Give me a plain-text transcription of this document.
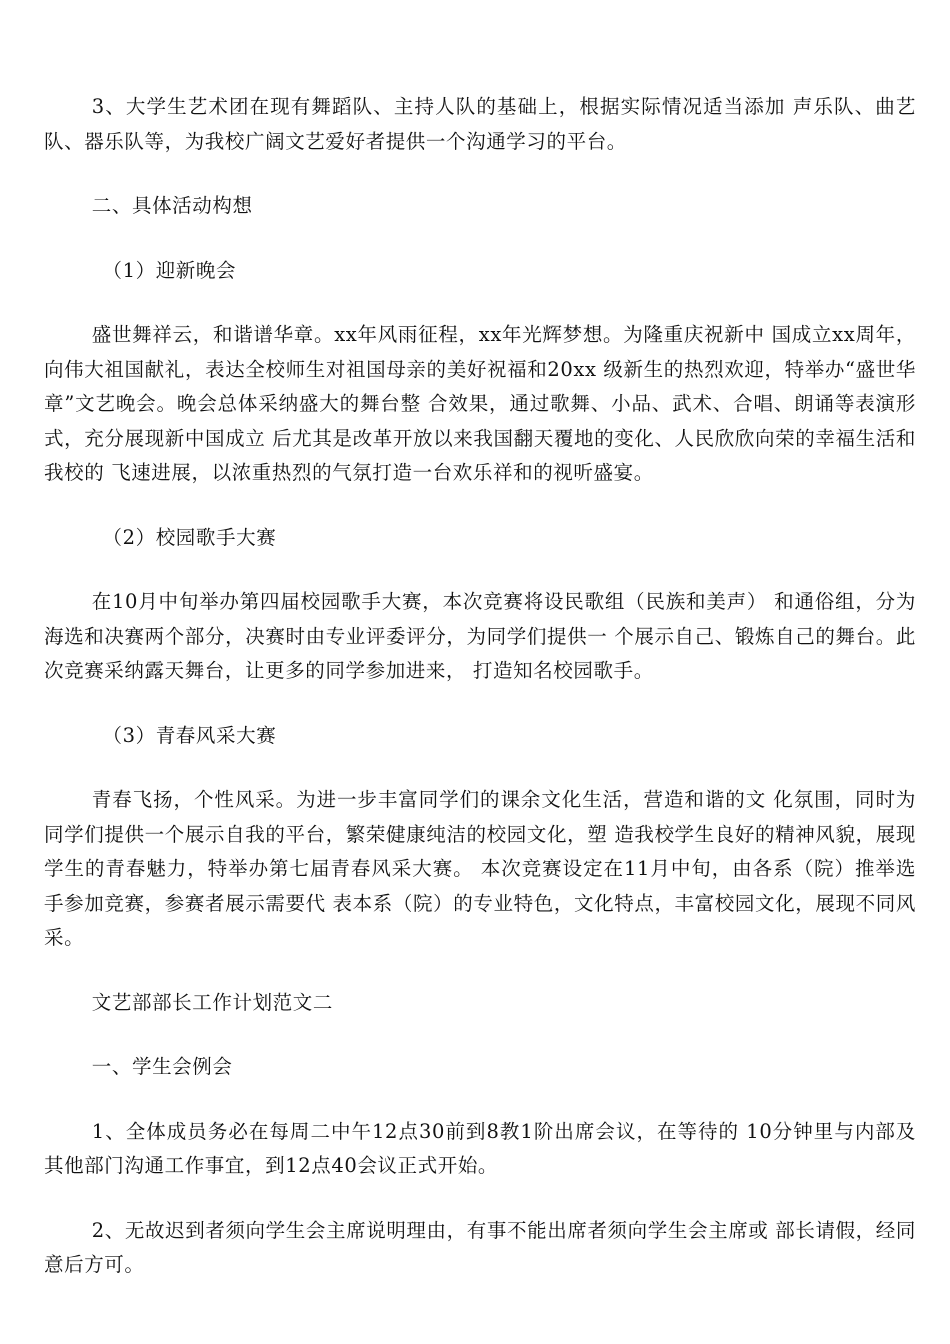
3、大学生艺术团在现有舞蹈队、主持人队的基础上，根据实际情况适当添加 声乐队、曲艺队、器乐队等，为我校广阔文艺爱好者提供一个沟通学习的平台。

二、具体活动构想

（1）迎新晚会

盛世舞祥云，和谐谱华章。xx年风雨征程，xx年光辉梦想。为隆重庆祝新中 国成立xx周年，向伟大祖国献礼，表达全校师生对祖国母亲的美好祝福和20xx 级新生的热烈欢迎，特举办“盛世华章”文艺晚会。晚会总体采纳盛大的舞台整 合效果，通过歌舞、小品、武术、合唱、朗诵等表演形式，充分展现新中国成立 后尤其是改革开放以来我国翻天覆地的变化、人民欣欣向荣的幸福生活和我校的 飞速进展，以浓重热烈的气氛打造一台欢乐祥和的视听盛宴。

（2）校园歌手大赛

在10月中旬举办第四届校园歌手大赛，本次竞赛将设民歌组（民族和美声） 和通俗组，分为海选和决赛两个部分，决赛时由专业评委评分，为同学们提供一 个展示自己、锻炼自己的舞台。此次竞赛采纳露天舞台，让更多的同学参加进来， 打造知名校园歌手。

（3）青春风采大赛

青春飞扬，个性风采。为进一步丰富同学们的课余文化生活，营造和谐的文 化氛围，同时为同学们提供一个展示自我的平台，繁荣健康纯洁的校园文化，塑 造我校学生良好的精神风貌，展现学生的青春魅力，特举办第七届青春风采大赛。 本次竞赛设定在11月中旬，由各系（院）推举选手参加竞赛，参赛者展示需要代 表本系（院）的专业特色，文化特点，丰富校园文化，展现不同风采。

文艺部部长工作计划范文二

一、学生会例会

1、全体成员务必在每周二中午12点30前到8教1阶出席会议，在等待的 10分钟里与内部及其他部门沟通工作事宜，到12点40会议正式开始。

2、无故迟到者须向学生会主席说明理由，有事不能出席者须向学生会主席或 部长请假，经同意后方可。
